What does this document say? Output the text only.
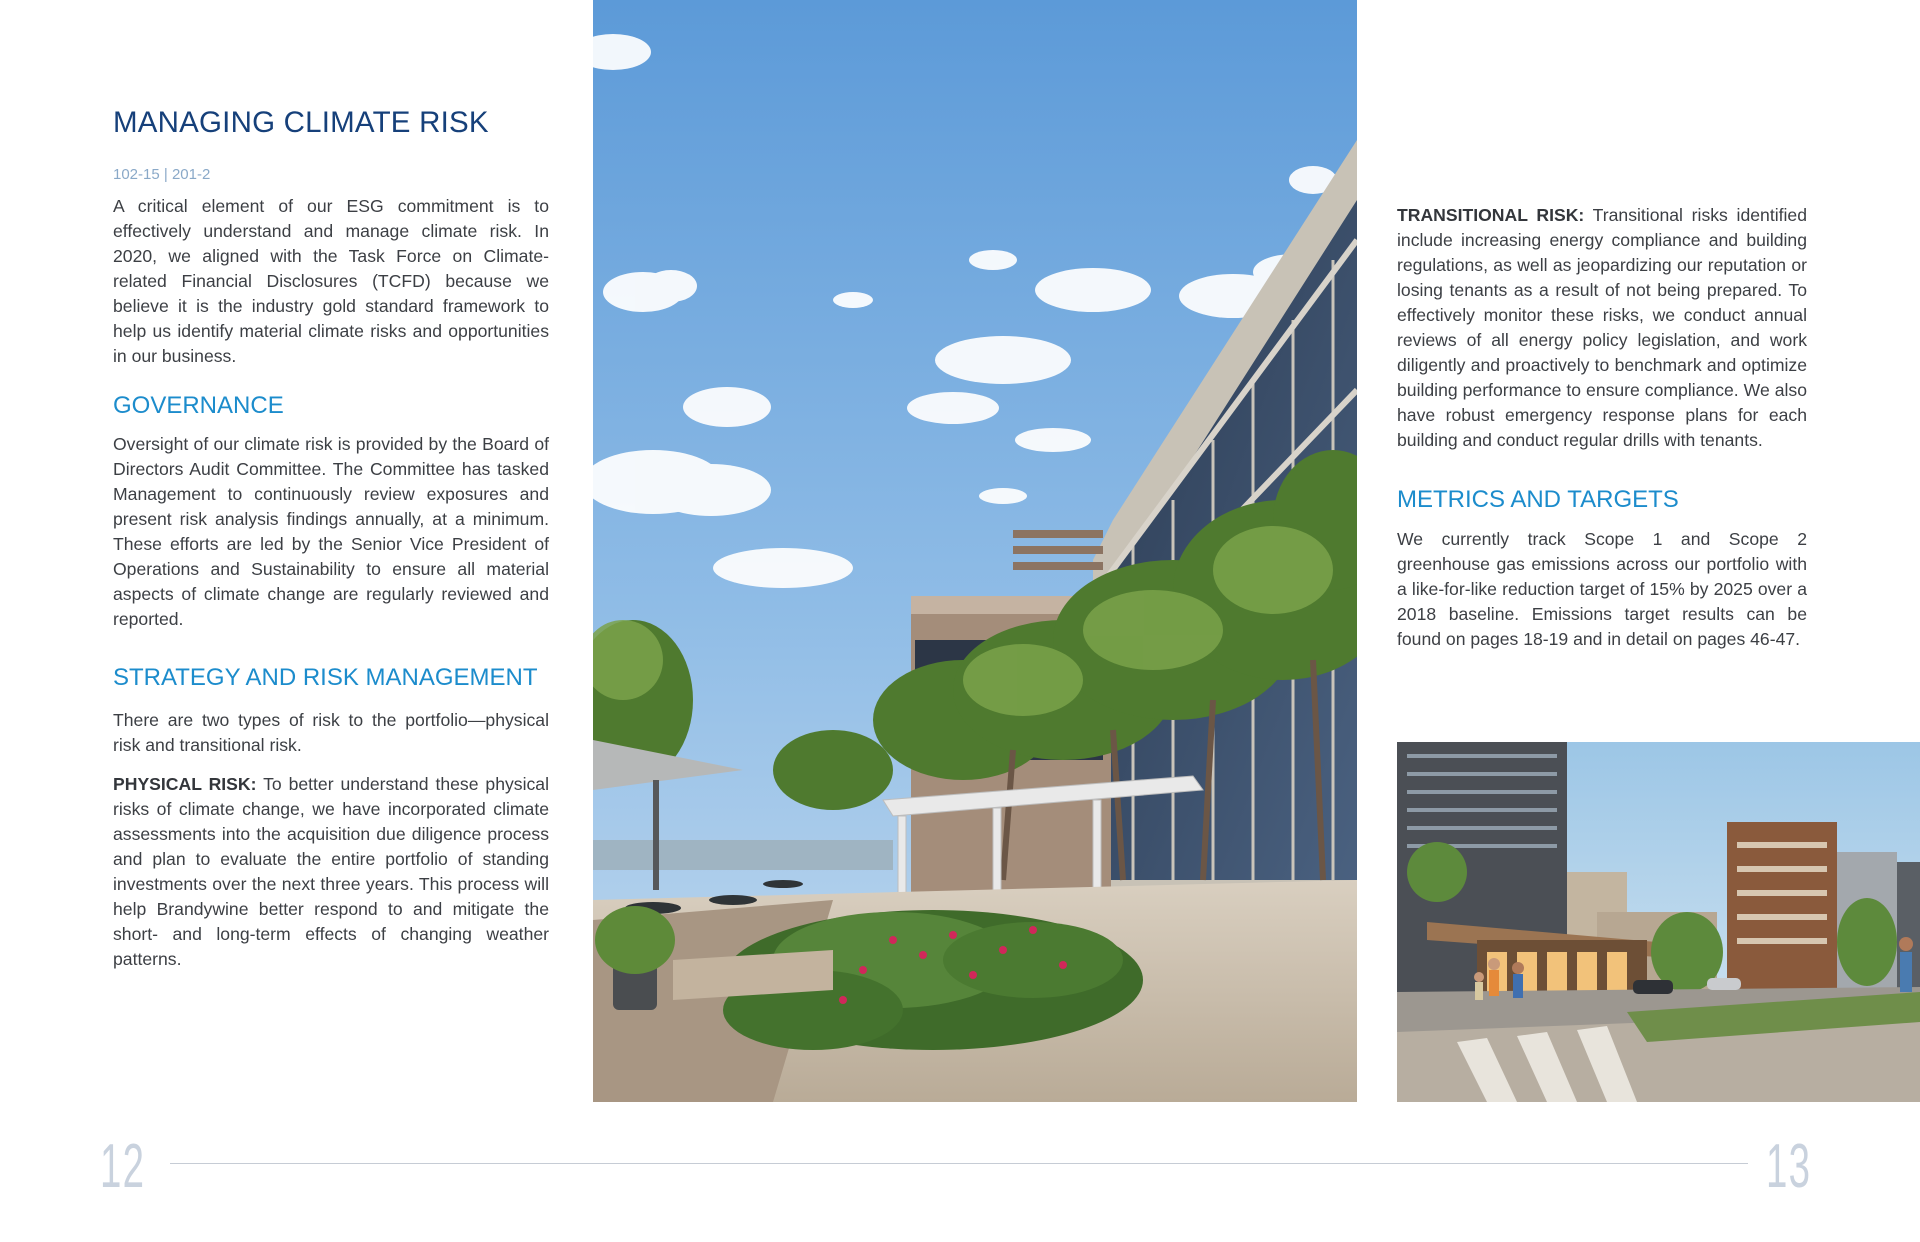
MANAGING CLIMATE RISK
102-15 | 201-2

A critical element of our ESG commitment is to effectively understand and manage climate risk. In 2020, we aligned with the Task Force on Climate-related Financial Disclosures (TCFD) because we believe it is the industry gold standard framework to help us identify material climate risks and opportunities in our business.

GOVERNANCE

Oversight of our climate risk is provided by the Board of Directors Audit Committee. The Committee has tasked Management to continuously review exposures and present risk analysis findings annually, at a minimum. These efforts are led by the Senior Vice President of Operations and Sustainability to ensure all material aspects of climate change are regularly reviewed and reported.

STRATEGY AND RISK MANAGEMENT

There are two types of risk to the portfolio—physical risk and transitional risk.

PHYSICAL RISK: To better understand these physical risks of climate change, we have incorporated climate assessments into the acquisition due diligence process and plan to evaluate the entire portfolio of standing investments over the next three years. This process will help Brandywine better respond to and mitigate the short- and long-term effects of changing weather patterns.

TRANSITIONAL RISK: Transitional risks identified include increasing energy compliance and building regulations, as well as jeopardizing our reputation or losing tenants as a result of not being prepared. To effectively monitor these risks, we conduct annual reviews of all energy policy legislation, and work diligently and proactively to benchmark and optimize building performance to ensure compliance. We also have robust emergency response plans for each building and conduct regular drills with tenants.

METRICS AND TARGETS

We currently track Scope 1 and Scope 2 greenhouse gas emissions across our portfolio with a like-for-like reduction target of 15% by 2025 over a 2018 baseline. Emissions target results can be found on pages 18-19 and in detail on pages 46-47.

12	13
